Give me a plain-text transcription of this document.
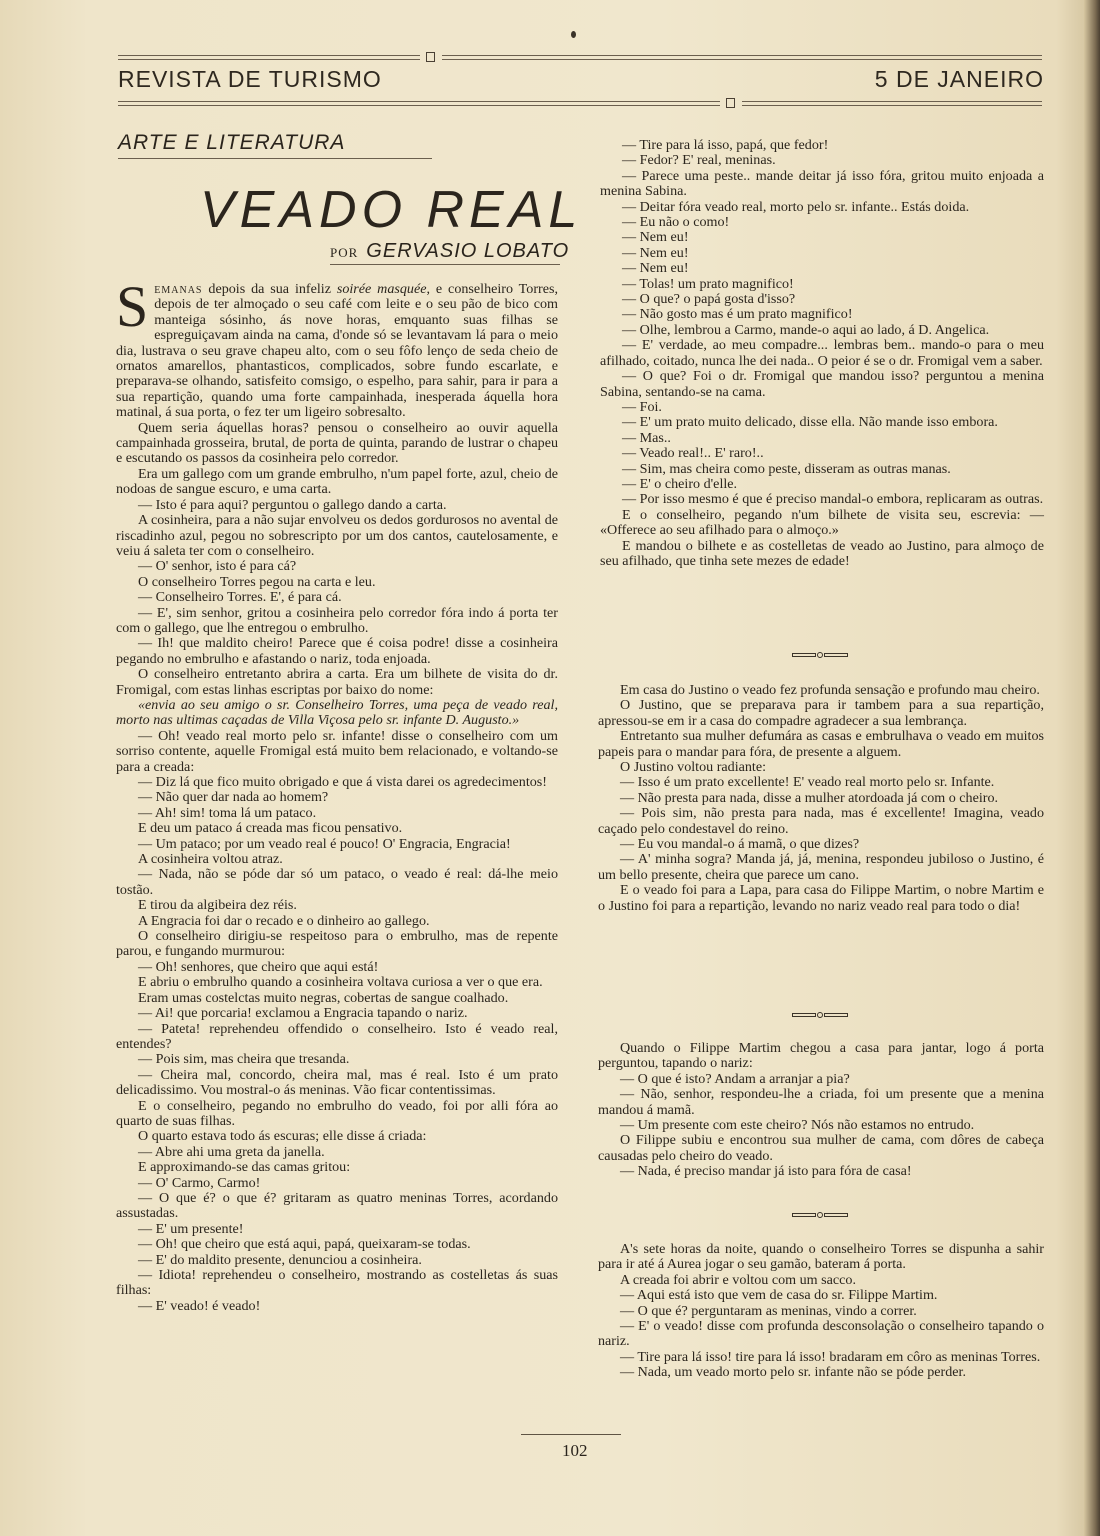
REVISTA DE TURISMO	5 DE JANEIRO
ARTE E LITERATURA
VEADO REAL
POR GERVASIO LOBATO

Semanas depois da sua infeliz soirée masquée, e conselheiro Torres, depois de ter almoçado o seu café com leite e o seu pão de bico com manteiga sósinho, ás nove horas, emquanto suas filhas se espreguiçavam ainda na cama, d'onde só se levantavam lá para o meio dia, lustrava o seu grave chapeu alto, com o seu fôfo lenço de seda cheio de ornatos amarellos, phantasticos, complicados, sobre fundo escarlate, e preparava-se olhando, satisfeito comsigo, o espelho, para sahir, para ir para a sua repartição, quando uma forte campainhada, inesperada áquella hora matinal, á sua porta, o fez ter um ligeiro sobresalto.

Quem seria áquellas horas? pensou o conselheiro ao ouvir aquella campainhada grosseira, brutal, de porta de quinta, parando de lustrar o chapeu e escutando os passos da cosinheira pelo corredor.

Era um gallego com um grande embrulho, n'um papel forte, azul, cheio de nodoas de sangue escuro, e uma carta.

— Isto é para aqui? perguntou o gallego dando a carta.

A cosinheira, para a não sujar envolveu os dedos gordurosos no avental de riscadinho azul, pegou no sobrescripto por um dos cantos, cautelosamente, e veiu á saleta ter com o conselheiro.

— O' senhor, isto é para cá?

O conselheiro Torres pegou na carta e leu.

— Conselheiro Torres. E', é para cá.

— E', sim senhor, gritou a cosinheira pelo corredor fóra indo á porta ter com o gallego, que lhe entregou o embrulho.

— Ih! que maldito cheiro! Parece que é coisa podre! disse a cosinheira pegando no embrulho e afastando o nariz, toda enjoada.

O conselheiro entretanto abrira a carta. Era um bilhete de visita do dr. Fromigal, com estas linhas escriptas por baixo do nome:

«envia ao seu amigo o sr. Conselheiro Torres, uma peça de veado real, morto nas ultimas caçadas de Villa Viçosa pelo sr. infante D. Augusto.»

— Oh! veado real morto pelo sr. infante! disse o conselheiro com um sorriso contente, aquelle Fromigal está muito bem relacionado, e voltando-se para a creada:

— Diz lá que fico muito obrigado e que á vista darei os agredecimentos!

— Não quer dar nada ao homem?

— Ah! sim! toma lá um pataco.

E deu um pataco á creada mas ficou pensativo.

— Um pataco; por um veado real é pouco! O' Engracia, Engracia!

A cosinheira voltou atraz.

— Nada, não se póde dar só um pataco, o veado é real: dá-lhe meio tostão.

E tirou da algibeira dez réis.

A Engracia foi dar o recado e o dinheiro ao gallego.

O conselheiro dirigiu-se respeitoso para o embrulho, mas de repente parou, e fungando murmurou:

— Oh! senhores, que cheiro que aqui está!

E abriu o embrulho quando a cosinheira voltava curiosa a ver o que era.

Eram umas costelctas muito negras, cobertas de sangue coalhado.

— Ai! que porcaria! exclamou a Engracia tapando o nariz.

— Pateta! reprehendeu offendido o conselheiro. Isto é veado real, entendes?

— Pois sim, mas cheira que tresanda.

— Cheira mal, concordo, cheira mal, mas é real. Isto é um prato delicadissimo. Vou mostral-o ás meninas. Vão ficar contentissimas.

E o conselheiro, pegando no embrulho do veado, foi por alli fóra ao quarto de suas filhas.

O quarto estava todo ás escuras; elle disse á criada:

— Abre ahi uma greta da janella.

E approximando-se das camas gritou:

— O' Carmo, Carmo!

— O que é? o que é? gritaram as quatro meninas Torres, acordando assustadas.

— E' um presente!

— Oh! que cheiro que está aqui, papá, queixaram-se todas.

— E' do maldito presente, denunciou a cosinheira.

— Idiota! reprehendeu o conselheiro, mostrando as costelletas ás suas filhas:

— E' veado! é veado!

— Tire para lá isso, papá, que fedor!

— Fedor? E' real, meninas.

— Parece uma peste.. mande deitar já isso fóra, gritou muito enjoada a menina Sabina.

— Deitar fóra veado real, morto pelo sr. infante.. Estás doida.

— Eu não o como!

— Nem eu!

— Nem eu!

— Nem eu!

— Tolas! um prato magnifico!

— O que? o papá gosta d'isso?

— Não gosto mas é um prato magnifico!

— Olhe, lembrou a Carmo, mande-o aqui ao lado, á D. Angelica.

— E' verdade, ao meu compadre... lembras bem.. mando-o para o meu afilhado, coitado, nunca lhe dei nada.. O peior é se o dr. Fromigal vem a saber.

— O que? Foi o dr. Fromigal que mandou isso? perguntou a menina Sabina, sentando-se na cama.

— Foi.

— E' um prato muito delicado, disse ella. Não mande isso embora.

— Mas..

— Veado real!.. E' raro!..

— Sim, mas cheira como peste, disseram as outras manas.

— E' o cheiro d'elle.

— Por isso mesmo é que é preciso mandal-o embora, replicaram as outras.

E o conselheiro, pegando n'um bilhete de visita seu, escrevia: — «Offerece ao seu afilhado para o almoço.»

E mandou o bilhete e as costelletas de veado ao Justino, para almoço de seu afilhado, que tinha sete mezes de edade!

Em casa do Justino o veado fez profunda sensação e profundo mau cheiro.

O Justino, que se preparava para ir tambem para a sua repartição, apressou-se em ir a casa do compadre agradecer a sua lembrança.

Entretanto sua mulher defumára as casas e embrulhava o veado em muitos papeis para o mandar para fóra, de presente a alguem.

O Justino voltou radiante:

— Isso é um prato excellente! E' veado real morto pelo sr. Infante.

— Não presta para nada, disse a mulher atordoada já com o cheiro.

— Pois sim, não presta para nada, mas é excellente! Imagina, veado caçado pelo condestavel do reino.

— Eu vou mandal-o á mamã, o que dizes?

— A' minha sogra? Manda já, já, menina, respondeu jubiloso o Justino, é um bello presente, cheira que parece um cano.

E o veado foi para a Lapa, para casa do Filippe Martim, o nobre Martim e o Justino foi para a repartição, levando no nariz veado real para todo o dia!

Quando o Filippe Martim chegou a casa para jantar, logo á porta perguntou, tapando o nariz:

— O que é isto? Andam a arranjar a pia?

— Não, senhor, respondeu-lhe a criada, foi um presente que a menina mandou á mamã.

— Um presente com este cheiro? Nós não estamos no entrudo.

O Filippe subiu e encontrou sua mulher de cama, com dôres de cabeça causadas pelo cheiro do veado.

— Nada, é preciso mandar já isto para fóra de casa!

A's sete horas da noite, quando o conselheiro Torres se dispunha a sahir para ir até á Aurea jogar o seu gamão, bateram á porta.

A creada foi abrir e voltou com um sacco.

— Aqui está isto que vem de casa do sr. Filippe Martim.

— O que é? perguntaram as meninas, vindo a correr.

— E' o veado! disse com profunda desconsolação o conselheiro tapando o nariz.

— Tire para lá isso! tire para lá isso! bradaram em côro as meninas Torres.

— Nada, um veado morto pelo sr. infante não se póde perder.

102
